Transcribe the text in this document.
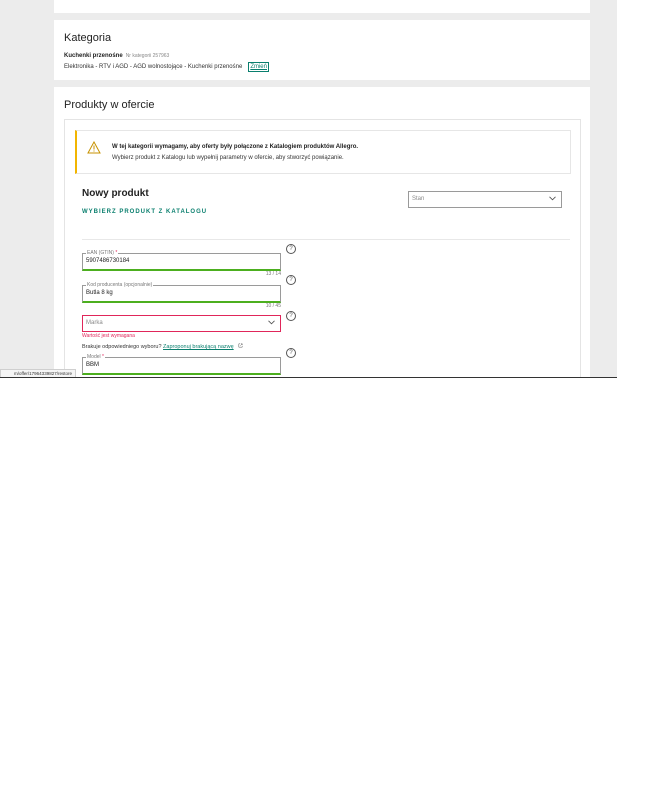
Kategoria
Kuchenki przenośne Nr kategorii 257963
Elektronika - RTV i AGD - AGD wolnostojące - Kuchenki przenośne Zmień
Produkty w ofercie
W tej kategorii wymagamy, aby oferty były połączone z Katalogiem produktów Allegro.
Wybierz produkt z Katalogu lub wypełnij parametry w ofercie, aby stworzyć powiązanie.
Nowy produkt
WYBIERZ PRODUKT Z KATALOGU
Stan
EAN (GTIN) *
5907486730184
13 / 14
Kod producenta (opcjonalnie)
Butla 8 kg
10 / 45
Marka
Wartość jest wymagana
Brakuje odpowiedniego wyboru? Zaproponuj brakującą nazwę
Model *
BBM
?
?
?
?
m/offer/17964339827/restore
